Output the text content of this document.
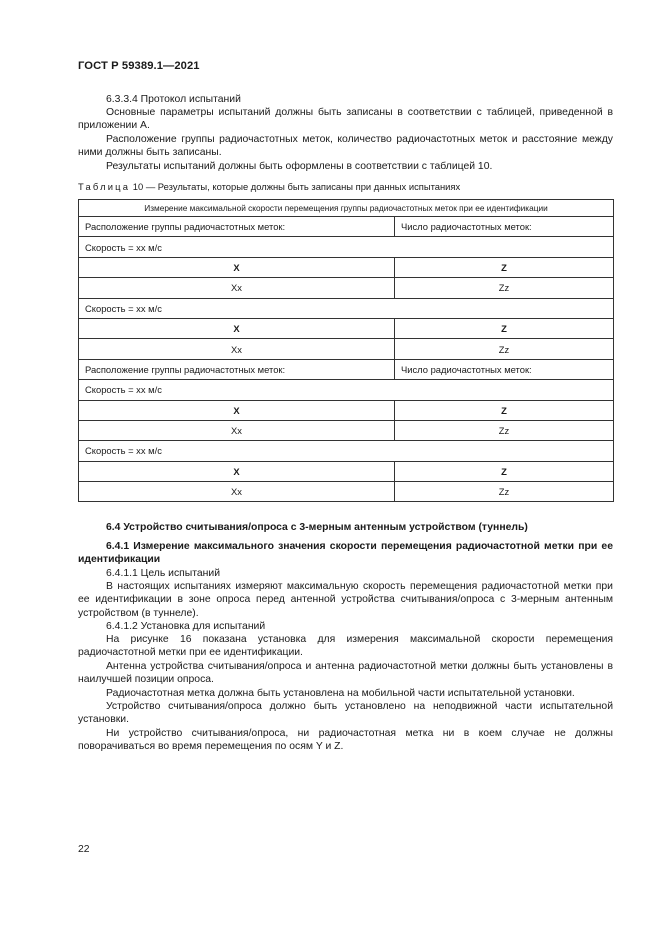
ГОСТ Р 59389.1—2021
6.3.3.4 Протокол испытаний
Основные параметры испытаний должны быть записаны в соответствии с таблицей, приведенной в приложении А.
Расположение группы радиочастотных меток, количество радиочастотных меток и расстояние между ними должны быть записаны.
Результаты испытаний должны быть оформлены в соответствии с таблицей 10.
Таблица 10 — Результаты, которые должны быть записаны при данных испытаниях
Измерение максимальной скорости перемещения группы радиочастотных меток при ее идентификации	
Расположение группы радиочастотных меток:	Число радиочастотных меток:
Скорость = хх м/с	
X	Z
Xx	Zz
Скорость = хх м/с	
X	Z
Xx	Zz
Расположение группы радиочастотных меток:	Число радиочастотных меток:
Скорость = хх м/с	
X	Z
Xx	Zz
Скорость = хх м/с	
X	Z
Xx	Zz
6.4 Устройство считывания/опроса с 3-мерным антенным устройством (туннель)
6.4.1 Измерение максимального значения скорости перемещения радиочастотной метки при ее идентификации
6.4.1.1 Цель испытаний
В настоящих испытаниях измеряют максимальную скорость перемещения радиочастотной метки при ее идентификации в зоне опроса перед антенной устройства считывания/опроса с 3-мерным антенным устройством (в туннеле).
6.4.1.2 Установка для испытаний
На рисунке 16 показана установка для измерения максимальной скорости перемещения радиочастотной метки при ее идентификации.
Антенна устройства считывания/опроса и антенна радиочастотной метки должны быть установлены в наилучшей позиции опроса.
Радиочастотная метка должна быть установлена на мобильной части испытательной установки.
Устройство считывания/опроса должно быть установлено на неподвижной части испытательной установки.
Ни устройство считывания/опроса, ни радиочастотная метка ни в коем случае не должны поворачиваться во время перемещения по осям Y и Z.
22
